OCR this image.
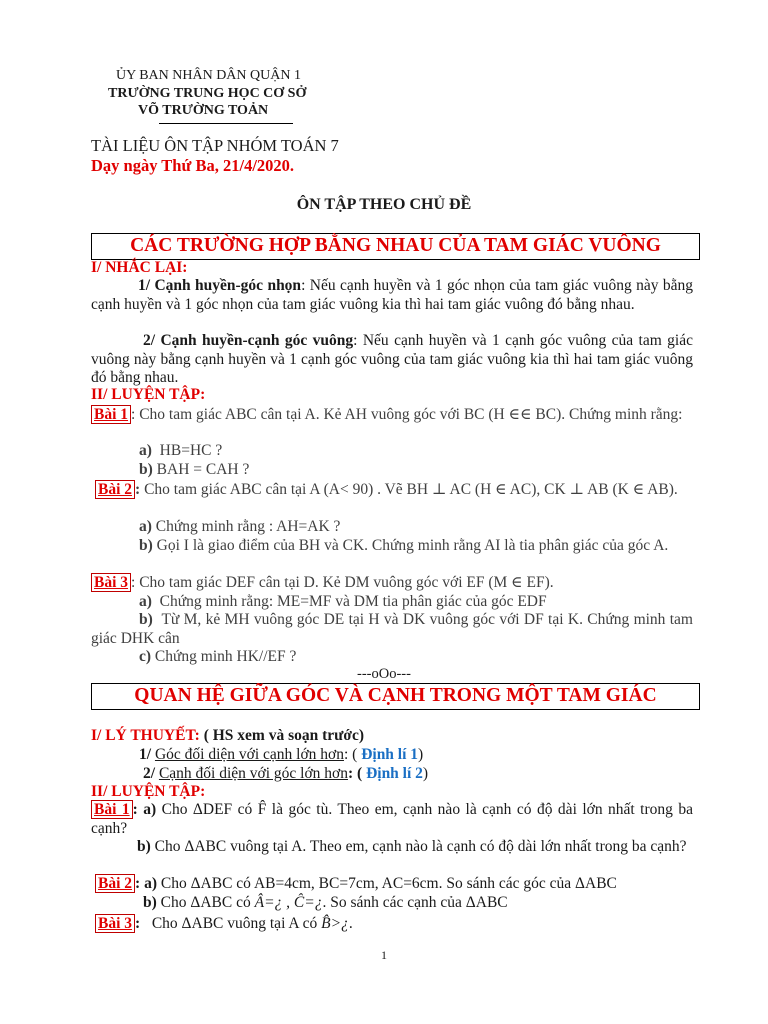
ỦY BAN NHÂN DÂN QUẬN 1
TRƯỜNG TRUNG HỌC CƠ SỞ
VÕ TRƯỜNG TOẢN
TÀI LIỆU ÔN TẬP NHÓM TOÁN 7
Dạy ngày Thứ Ba, 21/4/2020.
ÔN TẬP THEO CHỦ ĐỀ
CÁC TRƯỜNG HỢP BẰNG NHAU CỦA TAM GIÁC VUÔNG
I/ NHẮC LẠI:
1/ Cạnh huyền-góc nhọn: Nếu cạnh huyền và 1 góc nhọn của tam giác vuông này bằng cạnh huyền và 1 góc nhọn của tam giác vuông kia thì hai tam giác vuông đó bằng nhau.
2/ Cạnh huyền-cạnh góc vuông: Nếu cạnh huyền và 1 cạnh góc vuông của tam giác vuông này bằng cạnh huyền và 1 cạnh góc vuông của tam giác vuông kia thì hai tam giác vuông đó bằng nhau.
II/ LUYỆN TẬP:
Bài 1 : Cho tam giác ABC cân tại A. Kẻ AH vuông góc với BC (H ∈∈ BC). Chứng minh rằng:
a) HB=HC ?
b) BAH = CAH ?
Bài 2 : Cho tam giác ABC cân tại A (A< 90) . Vẽ BH ⊥ AC (H ∈ AC), CK ⊥ AB (K ∈ AB).
a) Chứng minh rằng : AH=AK ?
b) Gọi I là giao điểm của BH và CK. Chứng minh rằng AI là tia phân giác của góc A.
Bài 3 : Cho tam giác DEF cân tại D. Kẻ DM vuông góc với EF (M ∈ EF).
a) Chứng minh rằng: ME=MF và DM tia phân giác của góc EDF
b) Từ M, kẻ MH vuông góc DE tại H và DK vuông góc với DF tại K. Chứng minh tam giác DHK cân
c) Chứng minh HK//EF ?
---oOo---
QUAN HỆ GIỮA GÓC VÀ CẠNH TRONG MỘT TAM GIÁC
I/ LÝ THUYẾT: ( HS xem và soạn trước)
1/ Góc đối diện với cạnh lớn hơn: ( Định lí 1)
2/ Cạnh đối diện với góc lớn hơn: ( Định lí 2)
II/ LUYỆN TẬP:
Bài 1 : a) Cho ΔDEF có F̂ là góc tù. Theo em, cạnh nào là cạnh có độ dài lớn nhất trong ba cạnh?
b) Cho ΔABC vuông tại A. Theo em, cạnh nào là cạnh có độ dài lớn nhất trong ba cạnh?
Bài 2 : a) Cho ΔABC có AB=4cm, BC=7cm, AC=6cm. So sánh các góc của ΔABC
b) Cho ΔABC có Â=¿ , Ĉ=¿. So sánh các cạnh của ΔABC
Bài 3 : Cho ΔABC vuông tại A có B̂>¿.
1
